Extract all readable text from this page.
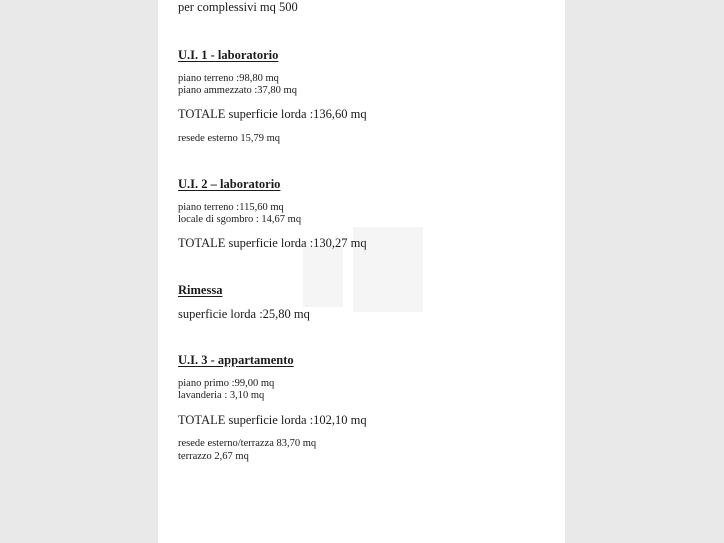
per complessivi mq 500
U.I. 1 - laboratorio
piano terreno :98,80 mq
piano ammezzato :37,80 mq
TOTALE superficie lorda :136,60 mq
resede esterno 15,79 mq
U.I. 2 – laboratorio
piano terreno :115,60 mq
locale di sgombro : 14,67 mq
TOTALE superficie lorda :130,27 mq
Rimessa
superficie lorda :25,80 mq
U.I. 3 - appartamento
piano primo :99,00 mq
lavanderia : 3,10 mq
TOTALE superficie lorda :102,10 mq
resede esterno/terrazza 83,70 mq
terrazzo 2,67 mq
